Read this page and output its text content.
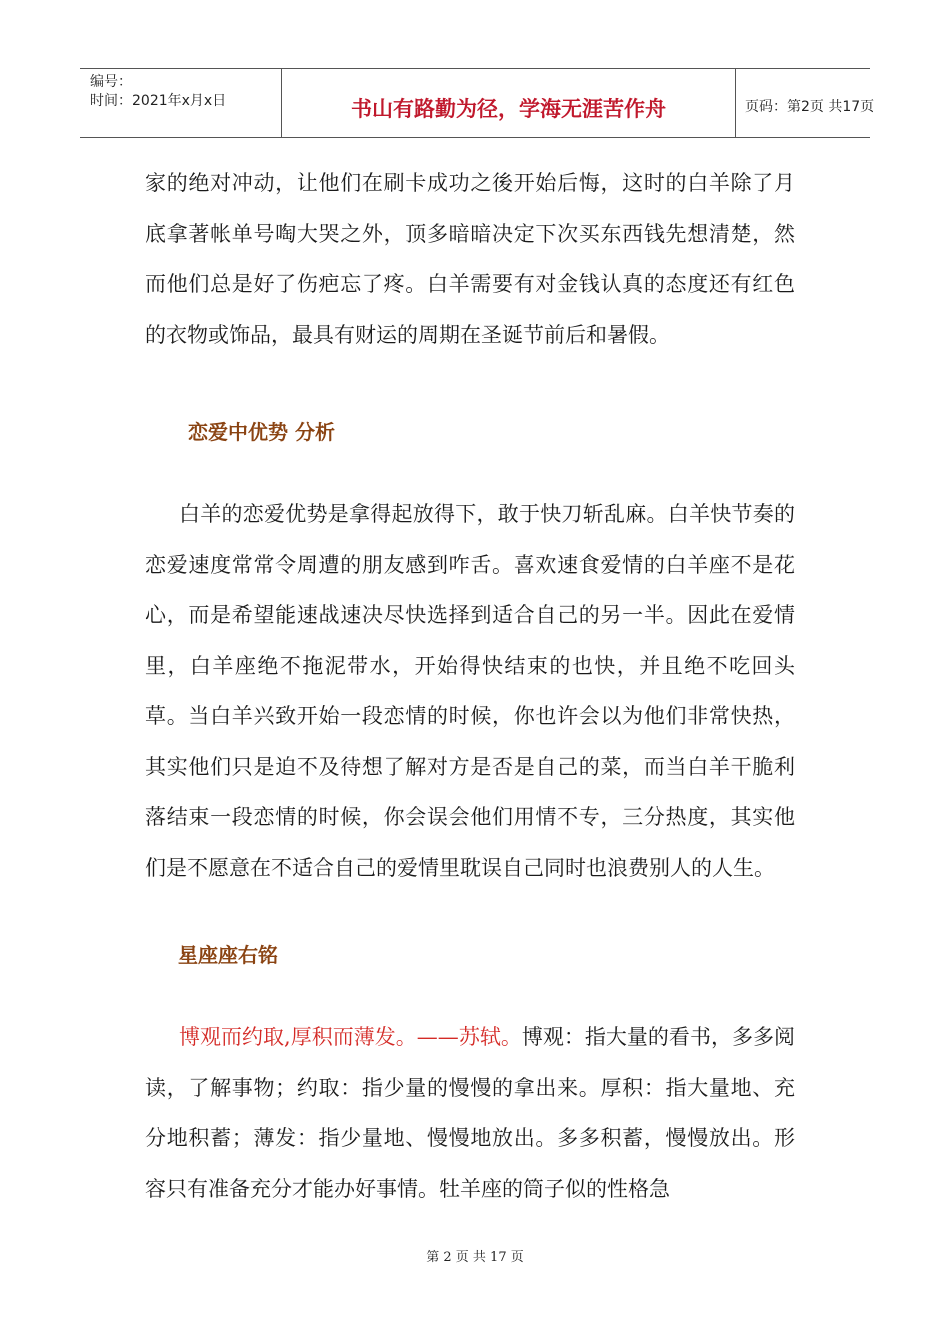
编号：
时间：2021年x月x日	书山有路勤为径，学海无涯苦作舟	页码：第2页 共17页

家的绝对冲动，让他们在刷卡成功之後开始后悔，这时的白羊除了月底拿著帐单号啕大哭之外，顶多暗暗决定下次买东西钱先想清楚，然而他们总是好了伤疤忘了疼。白羊需要有对金钱认真的态度还有红色的衣物或饰品，最具有财运的周期在圣诞节前后和暑假。

恋爱中优势 分析

白羊的恋爱优势是拿得起放得下，敢于快刀斩乱麻。白羊快节奏的恋爱速度常常令周遭的朋友感到咋舌。喜欢速食爱情的白羊座不是花心，而是希望能速战速决尽快选择到适合自己的另一半。因此在爱情里，白羊座绝不拖泥带水，开始得快结束的也快，并且绝不吃回头草。当白羊兴致开始一段恋情的时候，你也许会以为他们非常快热，其实他们只是迫不及待想了解对方是否是自己的菜，而当白羊干脆利落结束一段恋情的时候，你会误会他们用情不专，三分热度，其实他们是不愿意在不适合自己的爱情里耽误自己同时也浪费别人的人生。

星座座右铭

博观而约取,厚积而薄发。——苏轼。博观：指大量的看书，多多阅读，了解事物；约取：指少量的慢慢的拿出来。厚积：指大量地、充分地积蓄；薄发：指少量地、慢慢地放出。多多积蓄，慢慢放出。形容只有准备充分才能办好事情。牡羊座的筒子似的性格急

第 2 页 共 17 页
